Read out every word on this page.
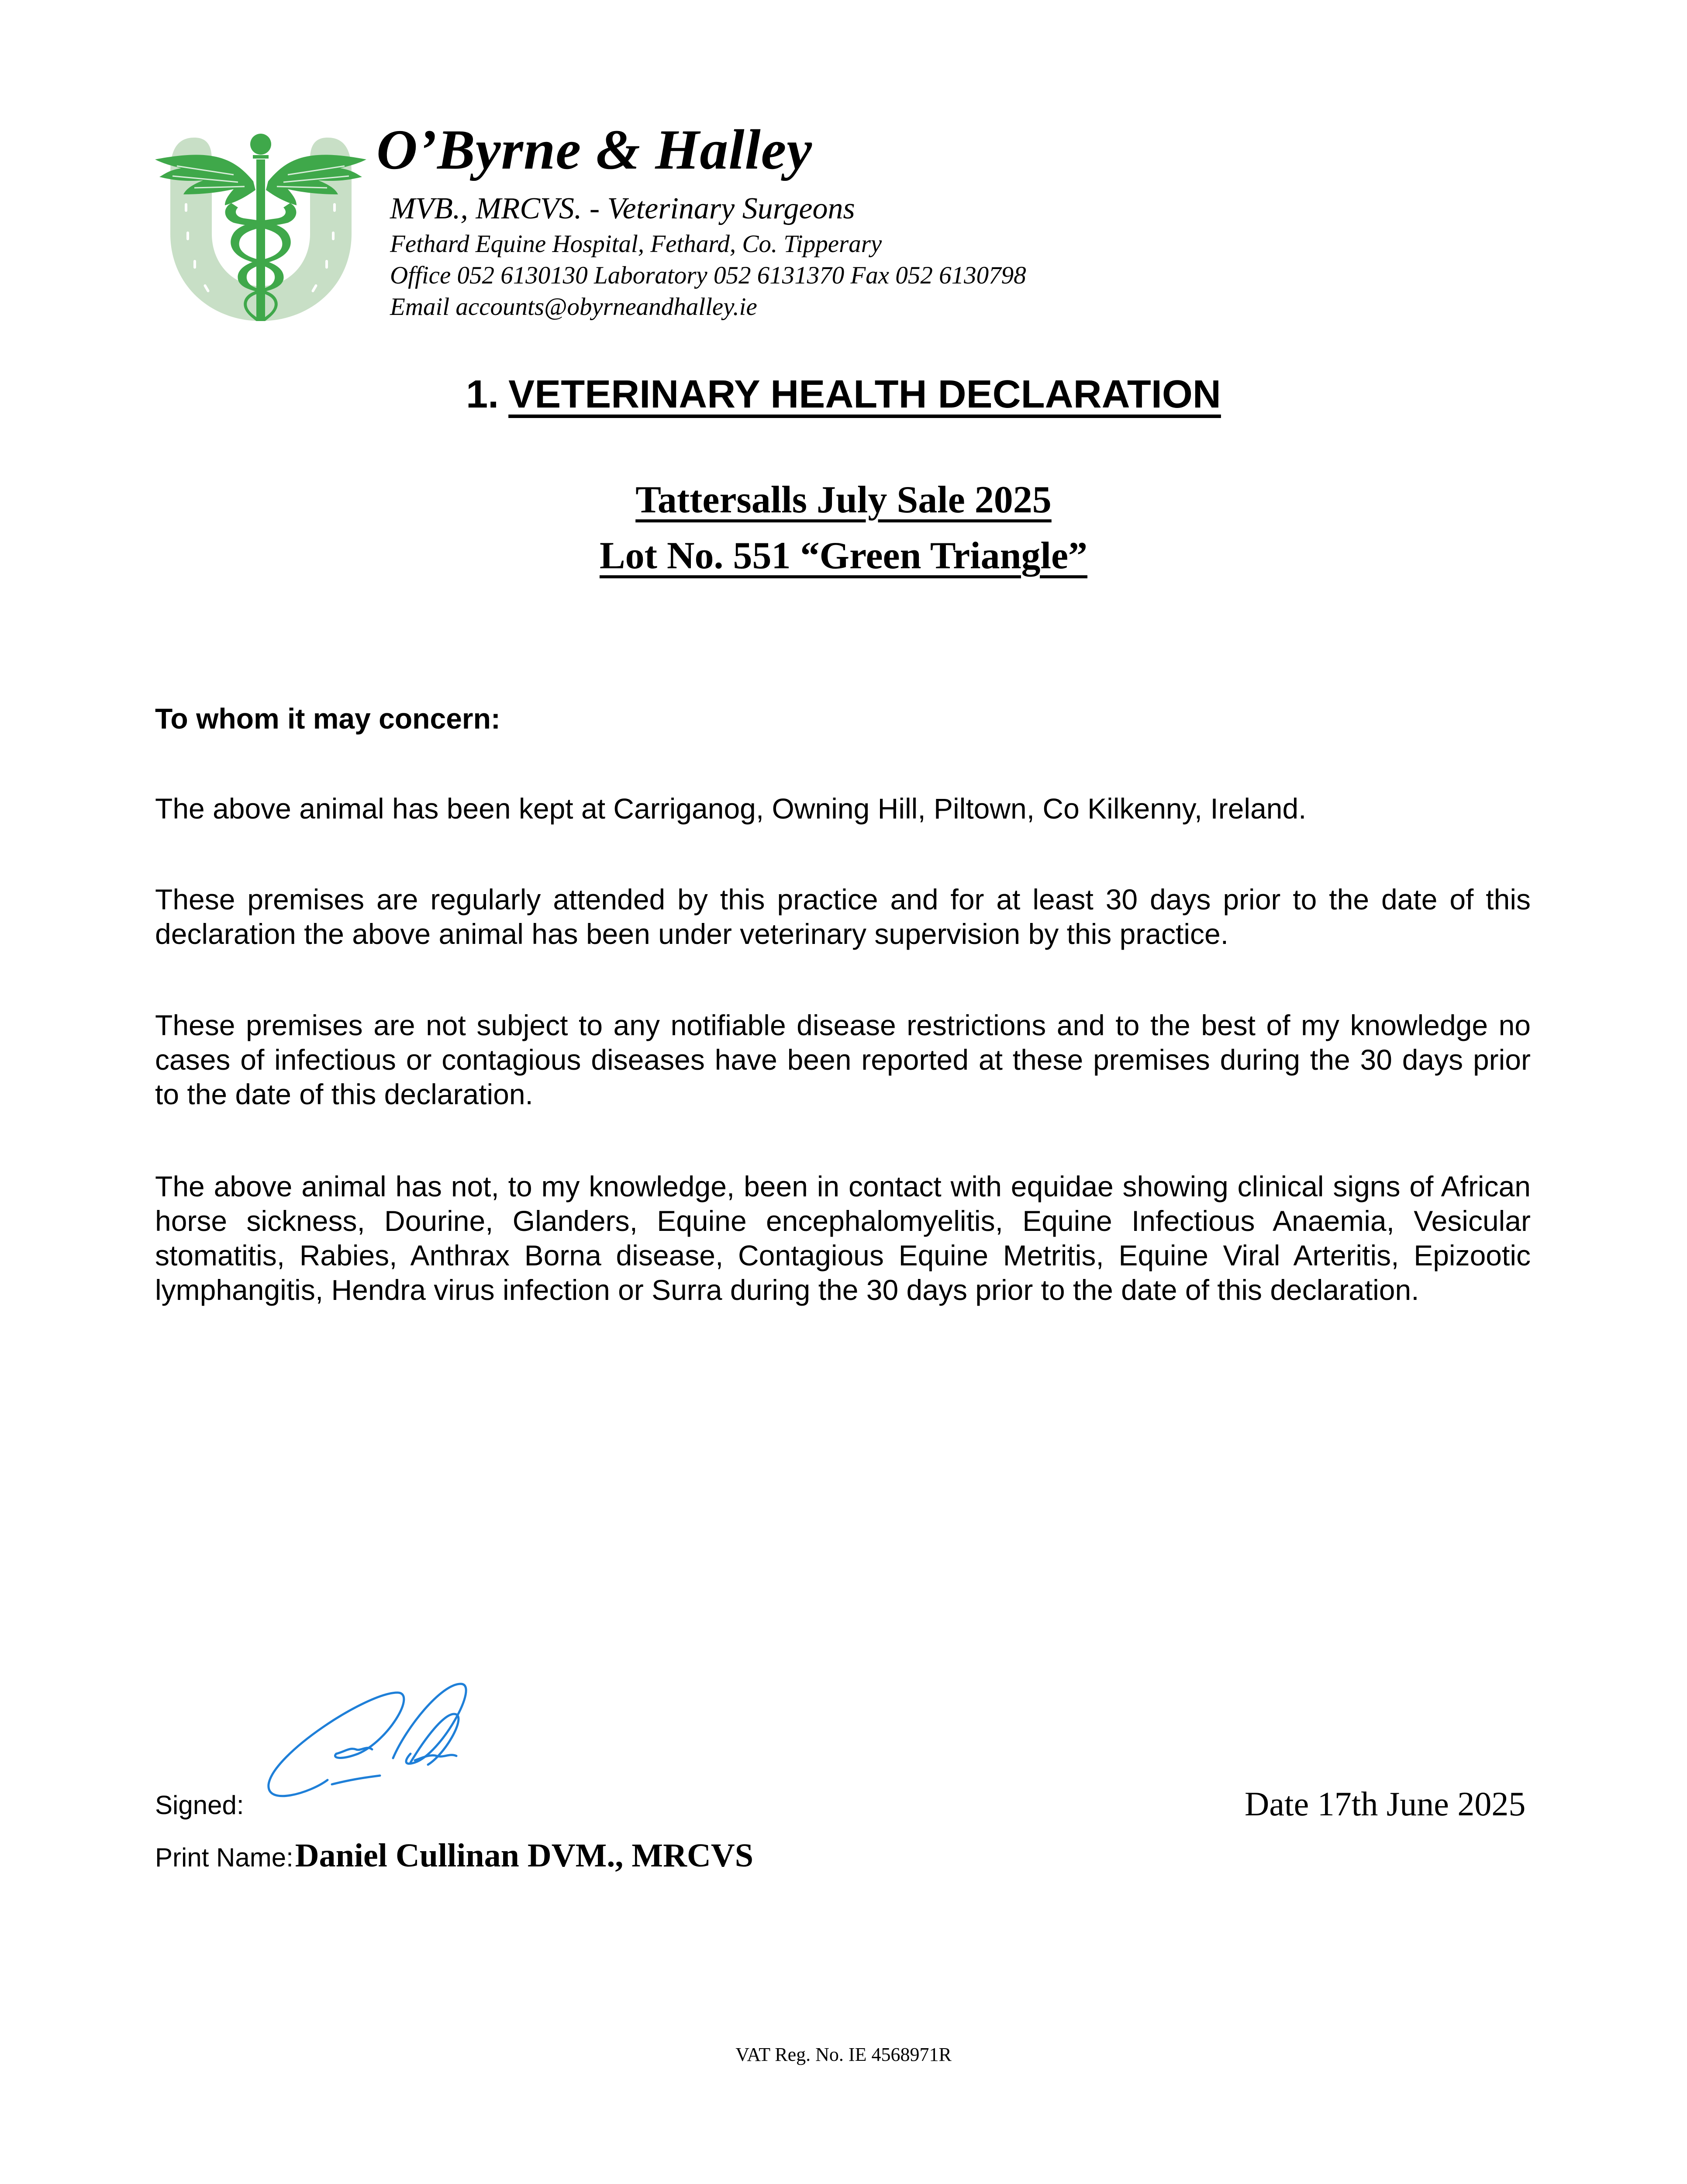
O’Byrne & Halley
MVB., MRCVS. - Veterinary Surgeons
Fethard Equine Hospital, Fethard, Co. Tipperary
Office 052 6130130 Laboratory 052 6131370 Fax 052 6130798
Email accounts@obyrneandhalley.ie
1. VETERINARY HEALTH DECLARATION
Tattersalls July Sale 2025
Lot No. 551 “Green Triangle”
To whom it may concern:
The above animal has been kept at Carriganog, Owning Hill, Piltown, Co Kilkenny, Ireland.
These premises are regularly attended by this practice and for at least 30 days prior to the date of this declaration the above animal has been under veterinary supervision by this practice.
These premises are not subject to any notifiable disease restrictions and to the best of my knowledge no cases of infectious or contagious diseases have been reported at these premises during the 30 days prior to the date of this declaration.
The above animal has not, to my knowledge, been in contact with equidae showing clinical signs of African horse sickness, Dourine, Glanders, Equine encephalomyelitis, Equine Infectious Anaemia, Vesicular stomatitis, Rabies, Anthrax Borna disease, Contagious Equine Metritis, Equine Viral Arteritis, Epizootic lymphangitis, Hendra virus infection or Surra during the 30 days prior to the date of this declaration.
Signed:	Date 17th June 2025
Print Name: Daniel Cullinan DVM., MRCVS
VAT Reg. No. IE 4568971R
